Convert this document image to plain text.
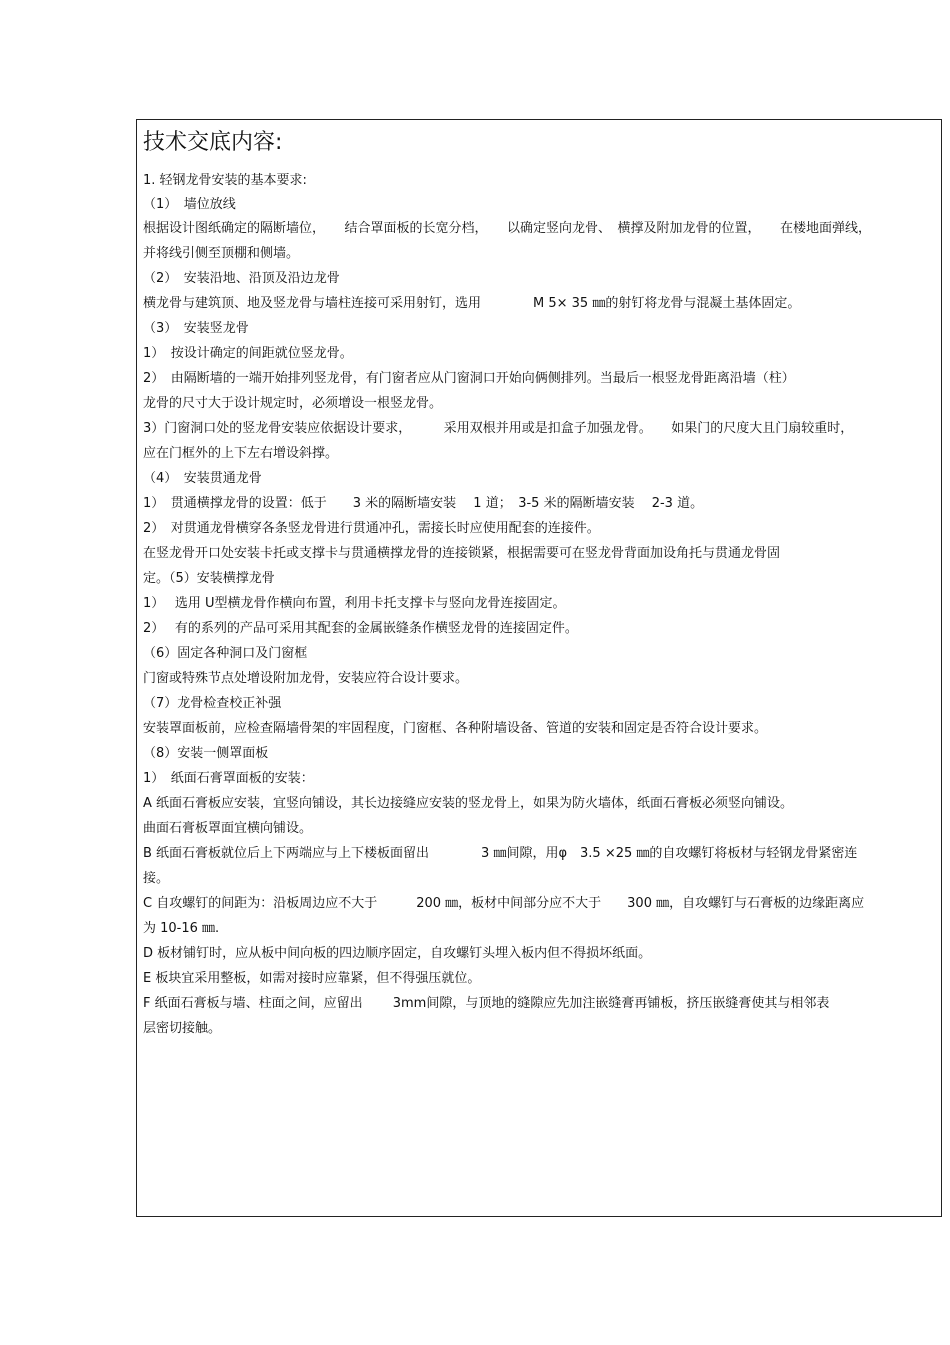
技术交底内容:
1. 轻钢龙骨安装的基本要求:
（1）　墙位放线
根据设计图纸确定的隔断墙位，　　结合罩面板的长宽分档，　　以确定竖向龙骨、　横撑及附加龙骨的位置，　　在楼地面弹线，
并将线引侧至顶棚和侧墙。
（2）　安装沿地、沿顶及沿边龙骨
横龙骨与建筑顶、地及竖龙骨与墙柱连接可采用射钉，选用　　　　M 5× 35 ㎜的射钉将龙骨与混凝土基体固定。
（3）　安装竖龙骨
1）　按设计确定的间距就位竖龙骨。
2）　由隔断墙的一端开始排列竖龙骨，有门窗者应从门窗洞口开始向俩侧排列。当最后一根竖龙骨距离沿墙（柱）
龙骨的尺寸大于设计规定时，必须增设一根竖龙骨。
3）门窗洞口处的竖龙骨安装应依据设计要求，　　　采用双根并用或是扣盒子加强龙骨。　　如果门的尺度大且门扇较重时，
应在门框外的上下左右增设斜撑。
（4）　安装贯通龙骨
1）　贯通横撑龙骨的设置：低于　　3 米的隔断墙安装　 1 道；　3-5 米的隔断墙安装　 2-3 道。
2）　对贯通龙骨横穿各条竖龙骨进行贯通冲孔，需接长时应使用配套的连接件。
在竖龙骨开口处安装卡托或支撑卡与贯通横撑龙骨的连接锁紧，根据需要可在竖龙骨背面加设角托与贯通龙骨固
定。（5）安装横撑龙骨
1）　 选用 U型横龙骨作横向布置，利用卡托支撑卡与竖向龙骨连接固定。
2）　 有的系列的产品可采用其配套的金属嵌缝条作横竖龙骨的连接固定件。
（6）固定各种洞口及门窗框
门窗或特殊节点处增设附加龙骨，安装应符合设计要求。
（7）龙骨检查校正补强
安装罩面板前，应检查隔墙骨架的牢固程度，门窗框、各种附墙设备、管道的安装和固定是否符合设计要求。
（8）安装一侧罩面板
1）　纸面石膏罩面板的安装：
A 纸面石膏板应安装，宜竖向铺设，其长边接缝应安装的竖龙骨上，如果为防火墙体，纸面石膏板必须竖向铺设。
曲面石膏板罩面宜横向铺设。
B 纸面石膏板就位后上下两端应与上下楼板面留出　　　　3 ㎜间隙，用φ　3.5 ×25 ㎜的自攻螺钉将板材与轻钢龙骨紧密连
接。
C 自攻螺钉的间距为：沿板周边应不大于　　　200 ㎜，板材中间部分应不大于　　300 ㎜，自攻螺钉与石膏板的边缘距离应
为 10-16 ㎜.
D 板材铺钉时，应从板中间向板的四边顺序固定，自攻螺钉头埋入板内但不得损坏纸面。
E 板块宜采用整板，如需对接时应靠紧，但不得强压就位。
F 纸面石膏板与墙、柱面之间，应留出　　 3mm间隙，与顶地的缝隙应先加注嵌缝膏再铺板，挤压嵌缝膏使其与相邻表
层密切接触。
